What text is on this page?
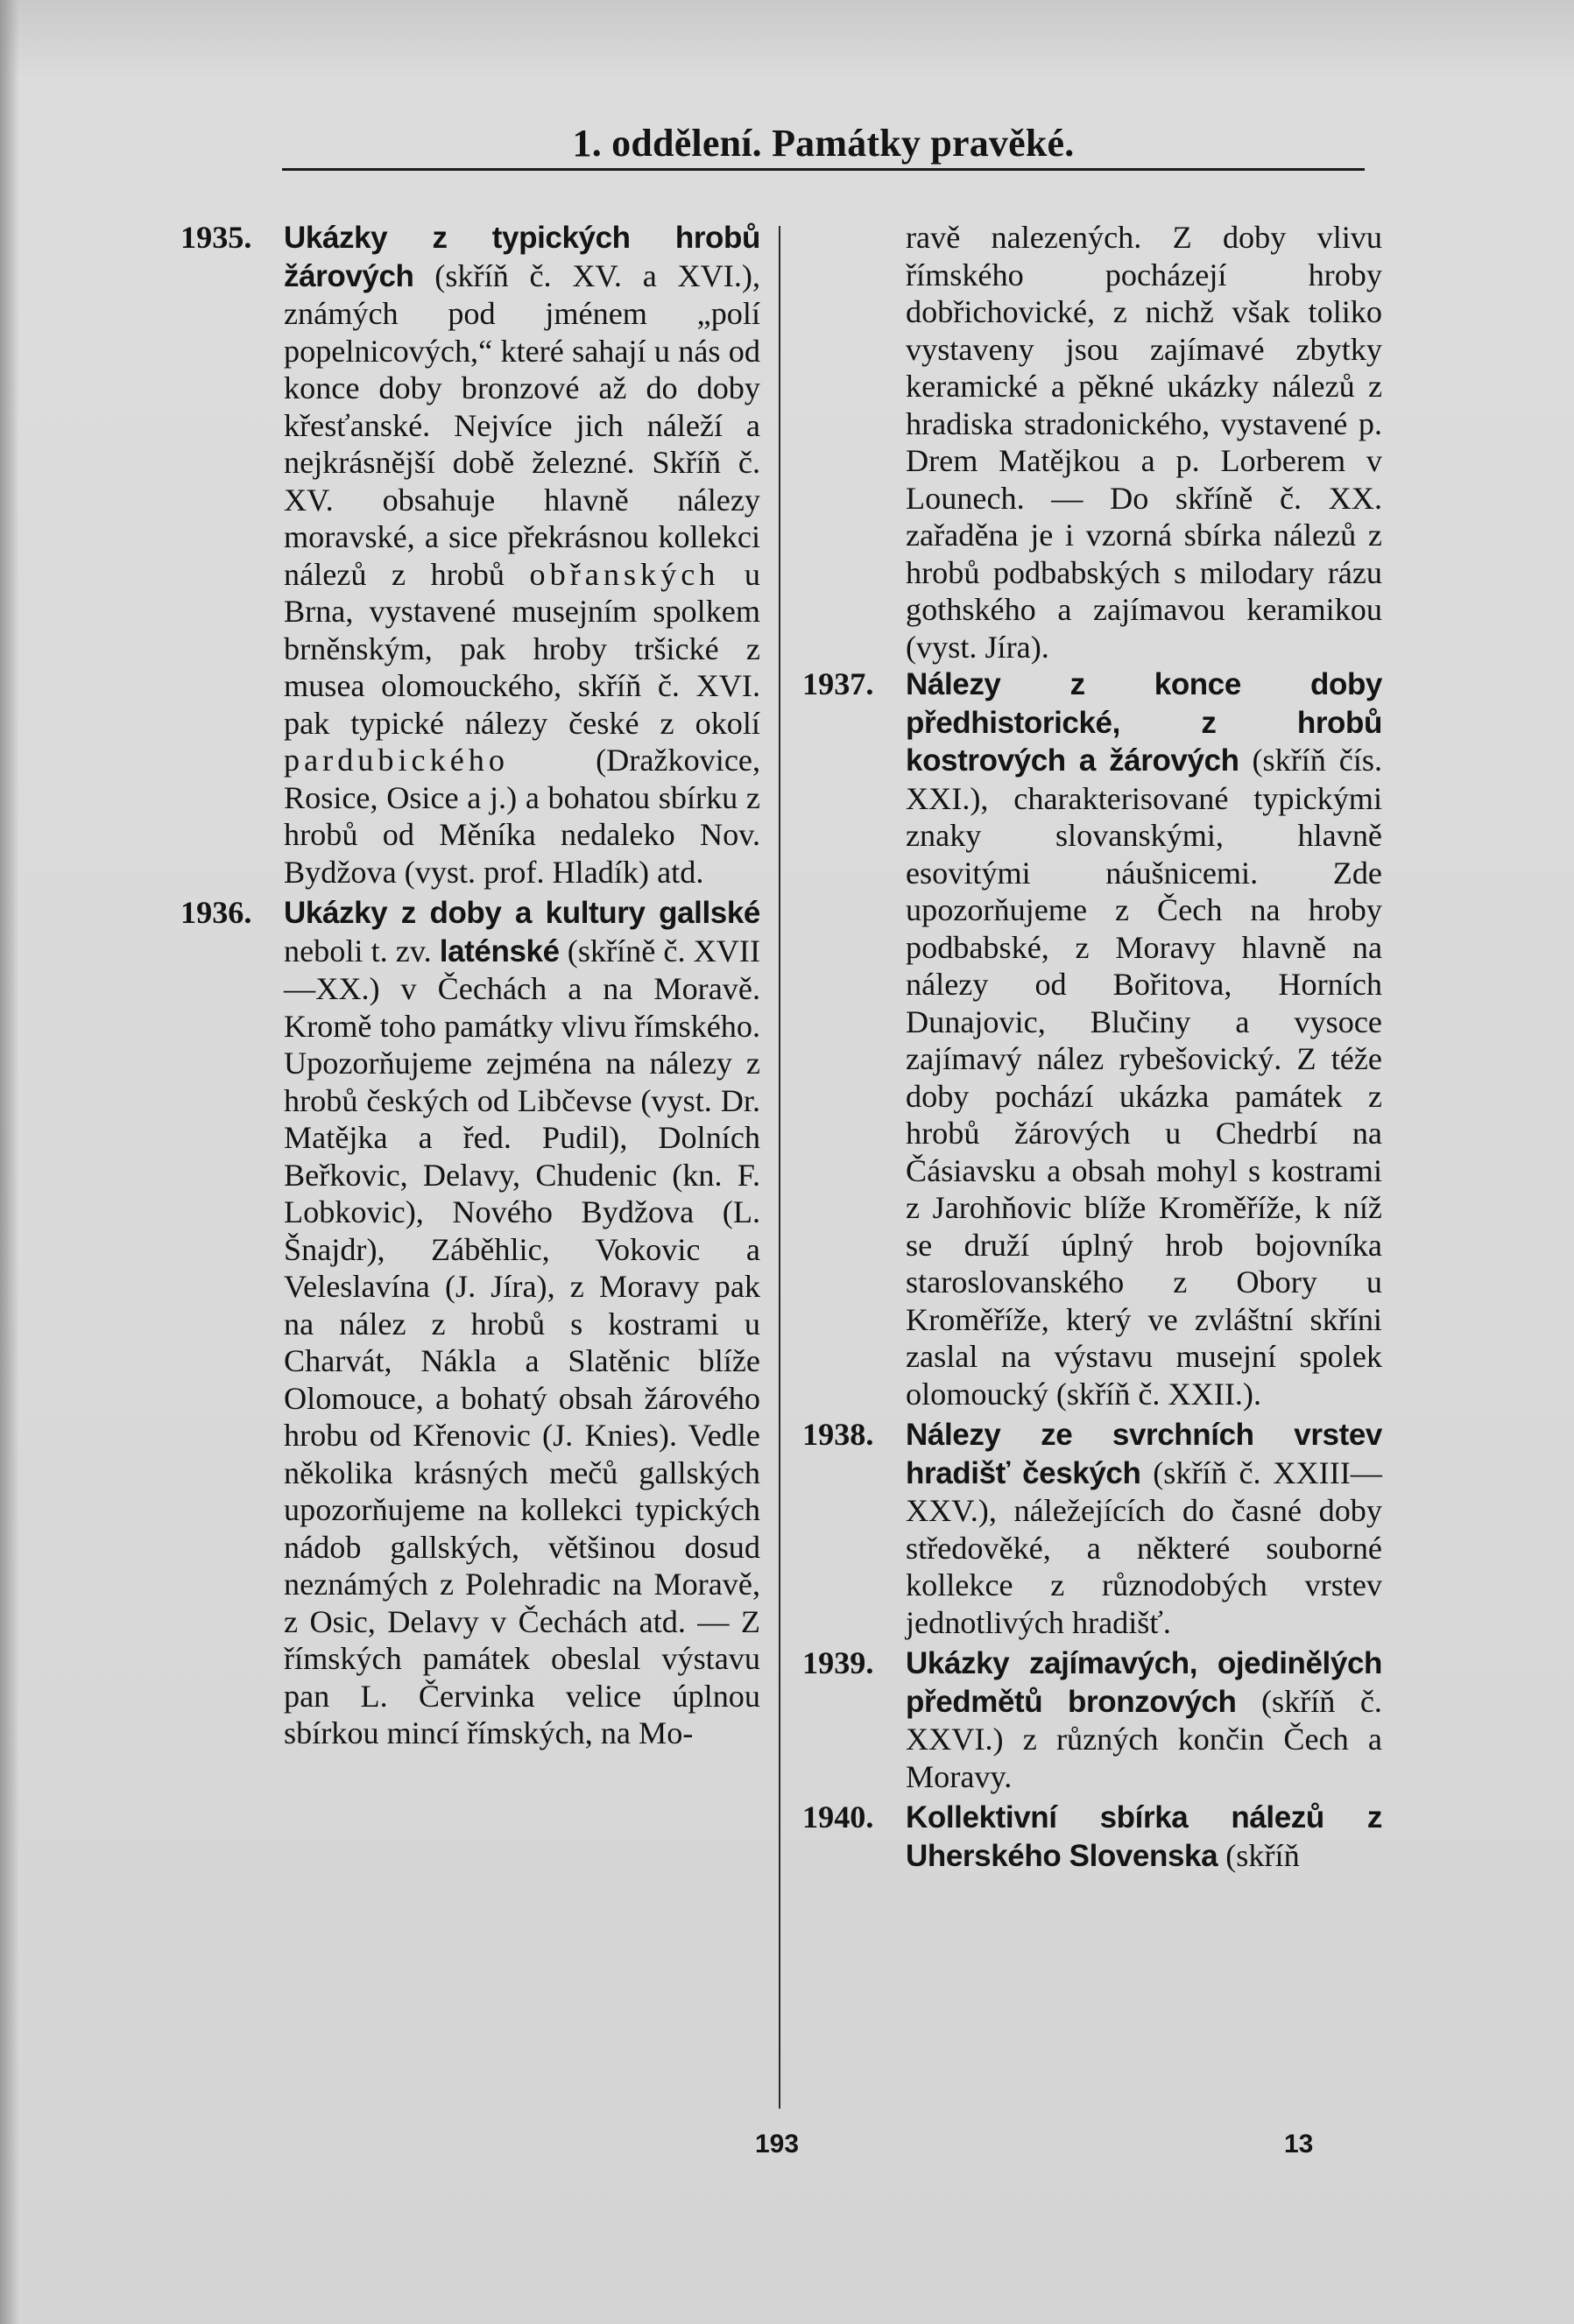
1. oddělení. Památky pravěké.
1935.	Ukázky z typických hrobů žárových (skříň č. XV. a XVI.), známých pod jménem „polí popelnicových,“ které sahají u nás od konce doby bronzové až do doby křesťanské. Nejvíce jich náleží a nejkrásnější době železné. Skříň č. XV. obsahuje hlavně nálezy moravské, a sice překrásnou kollekci nálezů z hrobů obřanských u Brna, vystavené musejním spolkem brněnským, pak hroby tršické z musea olomouckého, skříň č. XVI. pak typické nálezy české z okolí pardubického (Dražkovice, Rosice, Osice a j.) a bohatou sbírku z hrobů od Měníka nedaleko Nov. Bydžova (vyst. prof. Hladík) atd.
1936.	Ukázky z doby a kultury gallské neboli t. zv. laténské (skříně č. XVII—XX.) v Čechách a na Moravě. Kromě toho památky vlivu římského. Upozorňujeme zejména na nálezy z hrobů českých od Libčevse (vyst. Dr. Matějka a řed. Pudil), Dolních Beřkovic, Delavy, Chudenic (kn. F. Lobkovic), Nového Bydžova (L. Šnajdr), Záběhlic, Vokovic a Veleslavína (J. Jíra), z Moravy pak na nález z hrobů s kostrami u Charvát, Nákla a Slatěnic blíže Olomouce, a bohatý obsah žárového hrobu od Křenovic (J. Knies). Vedle několika krásných mečů gallských upozorňujeme na kollekci typických nádob gallských, většinou dosud neznámých z Polehradic na Moravě, z Osic, Delavy v Čechách atd. — Z římských památek obeslal výstavu pan L. Červinka velice úplnou sbírkou mincí římských, na Mo-
ravě nalezených. Z doby vlivu římského pocházejí hroby dobřichovické, z nichž však toliko vystaveny jsou zajímavé zbytky keramické a pěkné ukázky nálezů z hradiska stradonického, vystavené p. Drem Matějkou a p. Lorberem v Lounech. — Do skříně č. XX. zařaděna je i vzorná sbírka nálezů z hrobů podbabských s milodary rázu gothského a zajímavou keramikou (vyst. Jíra).
1937.	Nálezy z konce doby předhistorické, z hrobů kostrových a žárových (skříň čís. XXI.), charakterisované typickými znaky slovanskými, hlavně esovitými náušnicemi. Zde upozorňujeme z Čech na hroby podbabské, z Moravy hlavně na nálezy od Bořitova, Horních Dunajovic, Blučiny a vysoce zajímavý nález rybešovický. Z téže doby pochází ukázka památek z hrobů žárových u Chedrbí na Čásiavsku a obsah mohyl s kostrami z Jarohňovic blíže Kroměříže, k níž se druží úplný hrob bojovníka staroslovanského z Obory u Kroměříže, který ve zvláštní skříni zaslal na výstavu musejní spolek olomoucký (skříň č. XXII.).
1938.	Nálezy ze svrchních vrstev hradišť českých (skříň č. XXIII—XXV.), náležejících do časné doby středověké, a některé souborné kollekce z různodobých vrstev jednotlivých hradišť.
1939.	Ukázky zajímavých, ojedinělých předmětů bronzových (skříň č. XXVI.) z různých končin Čech a Moravy.
1940.	Kollektivní sbírka nálezů z Uherského Slovenska (skříň
193	13
